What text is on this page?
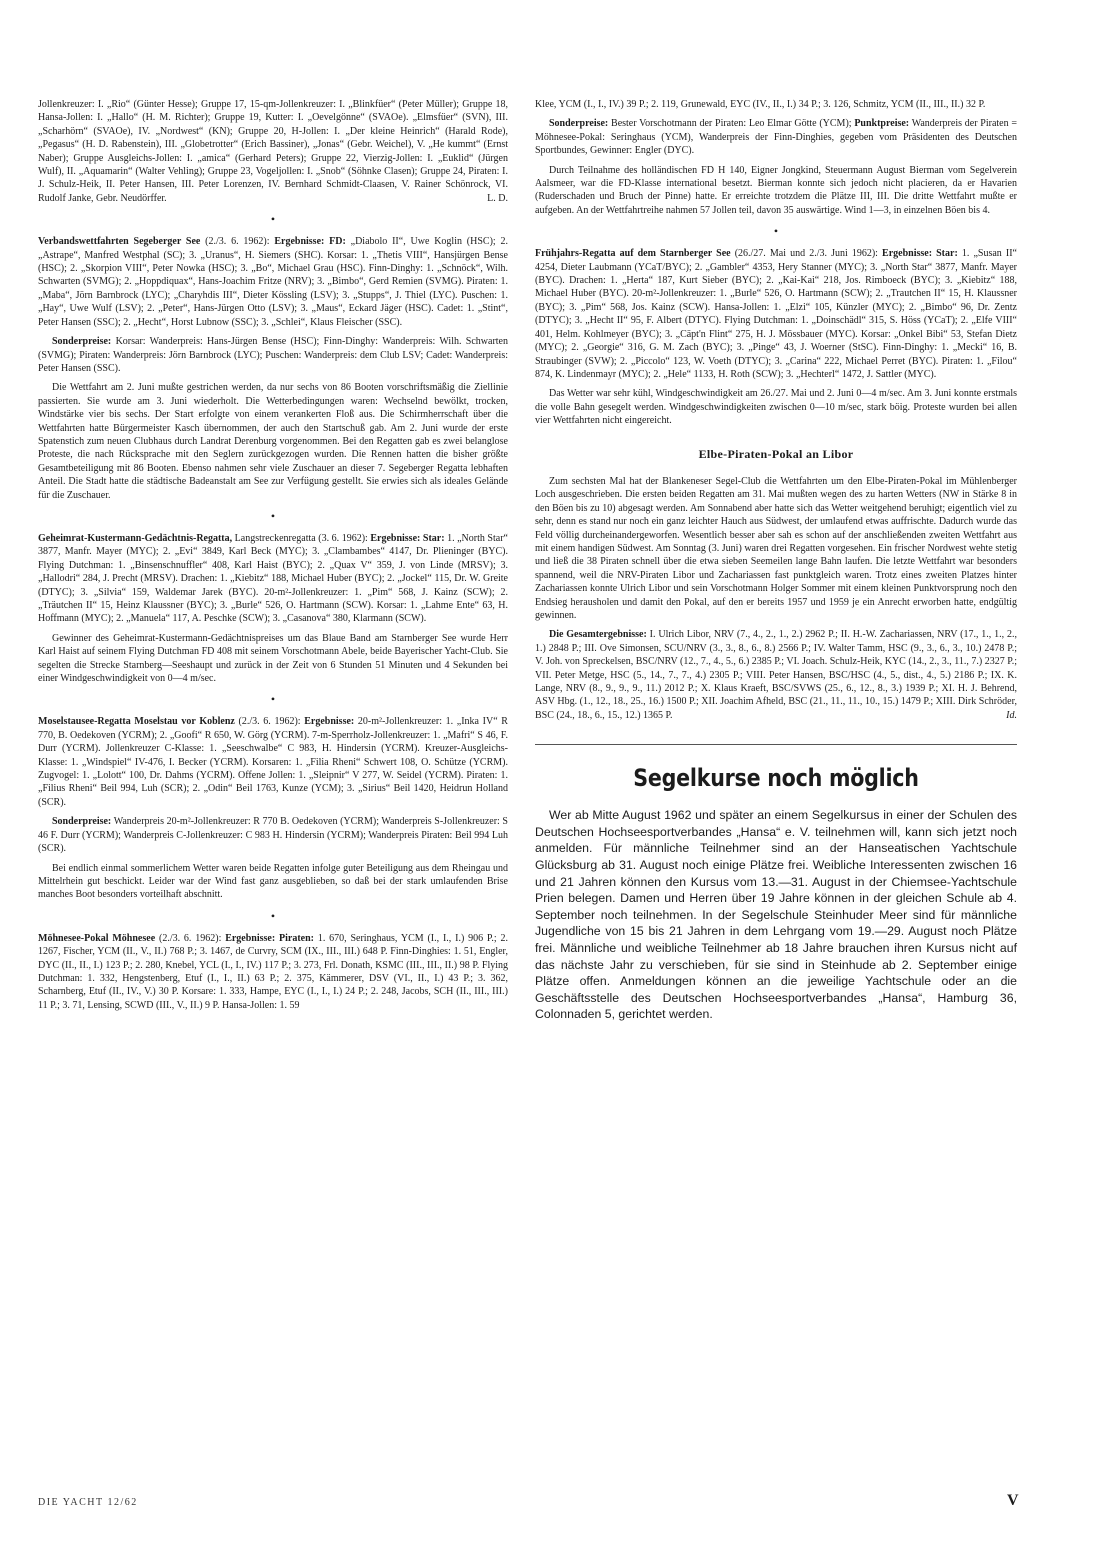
Jollenkreuzer: I. „Rio“ (Günter Hesse); Gruppe 17, 15-qm-Jollenkreuzer: I. „Blinkfüer“ (Peter Müller); Gruppe 18, Hansa-Jollen: I. „Hallo“ (H. M. Richter); Gruppe 19, Kutter: I. „Oevelgönne“ (SVAOe). „Elmsfüer“ (SVN), III. „Scharhörn“ (SVAOe), IV. „Nordwest“ (KN); Gruppe 20, H-Jollen: I. „Der kleine Heinrich“ (Harald Rode), „Pegasus“ (H. D. Rabenstein), III. „Globetrotter“ (Erich Bassiner), „Jonas“ (Gebr. Weichel), V. „He kummt“ (Ernst Naber); Gruppe Ausgleichs-Jollen: I. „amica“ (Gerhard Peters); Gruppe 22, Vierzig-Jollen: I. „Euklid“ (Jürgen Wulf), II. „Aquamarin“ (Walter Vehling); Gruppe 23, Vogeljollen: I. „Snob“ (Söhnke Clasen); Gruppe 24, Piraten: I. J. Schulz-Heik, II. Peter Hansen, III. Peter Lorenzen, IV. Bernhard Schmidt-Claasen, V. Rainer Schönrock, VI. Rudolf Janke, Gebr. Neudörffer.	L. D.

•

Verbandswettfahrten Segeberger See (2./3. 6. 1962): Ergebnisse: FD: „Diabolo II“, Uwe Koglin (HSC); 2. „Astrape“, Manfred Westphal (SC); 3. „Uranus“, H. Siemers (SHC). Korsar: 1. „Thetis VIII“, Hansjürgen Bense (HSC); 2. „Skorpion VIII“, Peter Nowka (HSC); 3. „Bo“, Michael Grau (HSC). Finn-Dinghy: 1. „Schnöck“, Wilh. Schwarten (SVMG); 2. „Hoppdiquax“, Hans-Joachim Fritze (NRV); 3. „Bimbo“, Gerd Remien (SVMG). Piraten: 1. „Maba“, Jörn Barnbrock (LYC); „Charyhdis III“, Dieter Kössling (LSV); 3. „Stupps“, J. Thiel (LYC). Puschen: 1. „Hay“, Uwe Wulf (LSV); 2. „Peter“, Hans-Jürgen Otto (LSV); 3. „Maus“, Eckard Jäger (HSC). Cadet: 1. „Stint“, Peter Hansen (SSC); 2. „Hecht“, Horst Lubnow (SSC); 3. „Schlei“, Klaus Fleischer (SSC).

Sonderpreise: Korsar: Wanderpreis: Hans-Jürgen Bense (HSC); Finn-Dinghy: Wanderpreis: Wilh. Schwarten (SVMG); Piraten: Wanderpreis: Jörn Barnbrock (LYC); Puschen: Wanderpreis: dem Club LSV; Cadet: Wanderpreis: Peter Hansen (SSC).

Die Wettfahrt am 2. Juni mußte gestrichen werden, da nur sechs von 86 Booten vorschriftsmäßig die Ziellinie passierten. Sie wurde am 3. Juni wiederholt. Die Wetterbedingungen waren: Wechselnd bewölkt, trocken, Windstärke vier bis sechs. Der Start erfolgte von einem verankerten Floß aus. Die Schirmherrschaft über die Wettfahrten hatte Bürgermeister Kasch übernommen, der auch den Startschuß gab. Am 2. Juni wurde der erste Spatenstich zum neuen Clubhaus durch Landrat Derenburg vorgenommen. Bei den Regatten gab es zwei belanglose Proteste, die nach Rücksprache mit den Seglern zurückgezogen wurden. Die Rennen hatten die bisher größte Gesamtbeteiligung mit 86 Booten. Ebenso nahmen sehr viele Zuschauer an dieser 7. Segeberger Regatta lebhaften Anteil. Die Stadt hatte die städtische Badeanstalt am See zur Verfügung gestellt. Sie erwies sich als ideales Gelände für die Zuschauer.

•

Geheimrat-Kustermann-Gedächtnis-Regatta, Langstreckenregatta (3. 6. 1962): Ergebnisse: Star: 1. „North Star“ 3877, Manfr. Mayer (MYC); 2. „Evi“ 3849, Karl Beck (MYC); 3. „Clambambes“ 4147, Dr. Plieninger (BYC). Flying Dutchman: 1. „Binsenschnuffler“ 408, Karl Haist (BYC); 2. „Quax V“ 359, J. von Linde (MRSV); 3. „Hallodri“ 284, J. Precht (MRSV). Drachen: 1. „Kiebitz“ 188, Michael Huber (BYC); 2. „Jockel“ 115, Dr. W. Greite (DTYC); 3. „Silvia“ 159, Waldemar Jarek (BYC). 20-m²-Jollenkreuzer: 1. „Pim“ 568, J. Kainz (SCW); 2. „Träutchen II“ 15, Heinz Klaussner (BYC); 3. „Burle“ 526, O. Hartmann (SCW). Korsar: 1. „Lahme Ente“ 63, H. Hoffmann (MYC); 2. „Manuela“ 117, A. Peschke (SCW); 3. „Casanova“ 380, Klarmann (SCW).

Gewinner des Geheimrat-Kustermann-Gedächtnispreises um das Blaue Band am Starnberger See wurde Herr Karl Haist auf seinem Flying Dutchman FD 408 mit seinem Vorschotmann Abele, beide Bayerischer Yacht-Club. Sie segelten die Strecke Starnberg—Seeshaupt und zurück in der Zeit von 6 Stunden 51 Minuten und 4 Sekunden bei einer Windgeschwindigkeit von 0—4 m/sec.

•

Moselstausee-Regatta Moselstau vor Koblenz (2./3. 6. 1962): Ergebnisse: 20-m²-Jollenkreuzer: 1. „Inka IV“ R 770, B. Oedekoven (YCRM); 2. „Goofi“ R 650, W. Görg (YCRM). 7-m-Sperrholz-Jollenkreuzer: 1. „Mafri“ S 46, F. Durr (YCRM). Jollenkreuzer C-Klasse: 1. „Seeschwalbe“ C 983, H. Hindersin (YCRM). Kreuzer-Ausgleichs-Klasse: 1. „Windspiel“ IV-476, I. Becker (YCRM). Korsaren: 1. „Filia Rheni“ Schwert 108, O. Schütze (YCRM). Zugvogel: 1. „Lolott“ 100, Dr. Dahms (YCRM). Offene Jollen: 1. „Sleipnir“ V 277, W. Seidel (YCRM). Piraten: 1. „Filius Rheni“ Beil 994, Luh (SCR); 2. „Odin“ Beil 1763, Kunze (YCM); 3. „Sirius“ Beil 1420, Heidrun Holland (SCR).

Sonderpreise: Wanderpreis 20-m²-Jollenkreuzer: R 770 B. Oedekoven (YCRM); Wanderpreis S-Jollenkreuzer: S 46 F. Durr (YCRM); Wanderpreis C-Jollenkreuzer: C 983 H. Hindersin (YCRM); Wanderpreis Piraten: Beil 994 Luh (SCR).

Bei endlich einmal sommerlichem Wetter waren beide Regatten infolge guter Beteiligung aus dem Rheingau und Mittelrhein gut beschickt. Leider war der Wind fast ganz ausgeblieben, so daß bei der stark umlaufenden Brise manches Boot besonders vorteilhaft abschnitt.

•

Möhnesee-Pokal Möhnesee (2./3. 6. 1962): Ergebnisse: Piraten: 1. 670, Seringhaus, YCM (I., I., I.) 906 P.; 2. 1267, Fischer, YCM (II., V., II.) 768 P.; 3. 1467, de Curvry, SCM (IX., III., III.) 648 P. Finn-Dinghies: 1. 51, Engler, DYC (II., II., I.) 123 P.; 2. 280, Knebel, YCL (I., I., IV.) 117 P.; 3. 273, Frl. Donath, KSMC (III., III., II.) 98 P. Flying Dutchman: 1. 332, Hengstenberg, Etuf (I., I., II.) 63 P.; 2. 375, Kämmerer, DSV (VI., II., I.) 43 P.; 3. 362, Scharnberg, Etuf (II., IV., V.) 30 P. Korsare: 1. 333, Hampe, EYC (I., I., I.) 24 P.; 2. 248, Jacobs, SCH (II., III., III.) 11 P.; 3. 71, Lensing, SCWD (III., V., II.) 9 P. Hansa-Jollen: 1. 59

Klee, YCM (I., I., IV.) 39 P.; 2. 119, Grunewald, EYC (IV., II., I.) 34 P.; 3. 126, Schmitz, YCM (II., III., II.) 32 P.

Sonderpreise: Bester Vorschotmann der Piraten: Leo Elmar Götte (YCM); Punktpreise: Wanderpreis der Piraten = Möhnesee-Pokal: Seringhaus (YCM), Wanderpreis der Finn-Dinghies, gegeben vom Präsidenten des Deutschen Sportbundes, Gewinner: Engler (DYC).

Durch Teilnahme des holländischen FD H 140, Eigner Jongkind, Steuermann August Bierman vom Segelverein Aalsmeer, war die FD-Klasse international besetzt. Bierman konnte sich jedoch nicht placieren, da er Havarien (Ruderschaden und Bruch der Pinne) hatte. Er erreichte trotzdem die Plätze III, III. Die dritte Wettfahrt mußte er aufgeben. An der Wettfahrtreihe nahmen 57 Jollen teil, davon 35 auswärtige. Wind 1—3, in einzelnen Böen bis 4.

•

Frühjahrs-Regatta auf dem Starnberger See (26./27. Mai und 2./3. Juni 1962): Ergebnisse: Star: 1. „Susan II“ 4254, Dieter Laubmann (YCaT/BYC); 2. „Gambler“ 4353, Hery Stanner (MYC); 3. „North Star“ 3877, Manfr. Mayer (BYC). Drachen: 1. „Herta“ 187, Kurt Sieber (BYC); 2. „Kai-Kai“ 218, Jos. Rimboeck (BYC); 3. „Kiebitz“ 188, Michael Huber (BYC). 20-m²-Jollenkreuzer: 1. „Burle“ 526, O. Hartmann (SCW); 2. „Trautchen II“ 15, H. Klaussner (BYC); 3. „Pim“ 568, Jos. Kainz (SCW). Hansa-Jollen: 1. „Elzi“ 105, Künzler (MYC); 2. „Bimbo“ 96, Dr. Zentz (DTYC); 3. „Hecht II“ 95, F. Albert (DTYC). Flying Dutchman: 1. „Doinschädl“ 315, S. Höss (YCaT); 2. „Elfe VIII“ 401, Helm. Kohlmeyer (BYC); 3. „Cäpt'n Flint“ 275, H. J. Mössbauer (MYC). Korsar: „Onkel Bibi“ 53, Stefan Dietz (MYC); 2. „Georgie“ 316, G. M. Zach (BYC); 3. „Pinge“ 43, J. Woerner (StSC). Finn-Dinghy: 1. „Mecki“ 16, B. Straubinger (SVW); 2. „Piccolo“ 123, W. Voeth (DTYC); 3. „Carina“ 222, Michael Perret (BYC). Piraten: 1. „Filou“ 874, K. Lindenmayr (MYC); 2. „Hele“ 1133, H. Roth (SCW); 3. „Hechterl“ 1472, J. Sattler (MYC).

Das Wetter war sehr kühl, Windgeschwindigkeit am 26./27. Mai und 2. Juni 0—4 m/sec. Am 3. Juni konnte erstmals die volle Bahn gesegelt werden. Windgeschwindigkeiten zwischen 0—10 m/sec, stark böig. Proteste wurden bei allen vier Wettfahrten nicht eingereicht.

Elbe-Piraten-Pokal an Libor

Zum sechsten Mal hat der Blankeneser Segel-Club die Wettfahrten um den Elbe-Piraten-Pokal im Mühlenberger Loch ausgeschrieben. Die ersten beiden Regatten am 31. Mai mußten wegen des zu harten Wetters (NW in Stärke 8 in den Böen bis zu 10) abgesagt werden. Am Sonnabend aber hatte sich das Wetter weitgehend beruhigt; eigentlich viel zu sehr, denn es stand nur noch ein ganz leichter Hauch aus Südwest, der umlaufend etwas auffrischte. Dadurch wurde das Feld völlig durcheinandergeworfen. Wesentlich besser aber sah es schon auf der anschließenden zweiten Wettfahrt aus mit einem handigen Südwest. Am Sonntag (3. Juni) waren drei Regatten vorgesehen. Ein frischer Nordwest wehte stetig und ließ die 38 Piraten schnell über die etwa sieben Seemeilen lange Bahn laufen. Die letzte Wettfahrt war besonders spannend, weil die NRV-Piraten Libor und Zachariassen fast punktgleich waren. Trotz eines zweiten Platzes hinter Zachariassen konnte Ulrich Libor und sein Vorschotmann Holger Sommer mit einem kleinen Punktvorsprung noch den Endsieg herausholen und damit den Pokal, auf den er bereits 1957 und 1959 je ein Anrecht erworben hatte, endgültig gewinnen.

Die Gesamtergebnisse: I. Ulrich Libor, NRV (7., 4., 2., 1., 2.) 2962 P.; II. H.-W. Zachariassen, NRV (17., 1., 1., 2., 1.) 2848 P.; III. Ove Simonsen, SCU/NRV (3., 3., 8., 6., 8.) 2566 P.; IV. Walter Tamm, HSC (9., 3., 6., 3., 10.) 2478 P.; V. Joh. von Spreckelsen, BSC/NRV (12., 7., 4., 5., 6.) 2385 P.; VI. Joach. Schulz-Heik, KYC (14., 2., 3., 11., 7.) 2327 P.; VII. Peter Metge, HSC (5., 14., 7., 7., 4.) 2305 P.; VIII. Peter Hansen, BSC/HSC (4., 5., dist., 4., 5.) 2186 P.; IX. K. Lange, NRV (8., 9., 9., 9., 11.) 2012 P.; X. Klaus Kraeft, BSC/SVWS (25., 6., 12., 8., 3.) 1939 P.; XI. H. J. Behrend, ASV Hbg. (1., 12., 18., 25., 16.) 1500 P.; XII. Joachim Afheld, BSC (21., 11., 11., 10., 15.) 1479 P.; XIII. Dirk Schröder, BSC (24., 18., 6., 15., 12.) 1365 P.	Id.

Segelkurse noch möglich

Wer ab Mitte August 1962 und später an einem Segelkursus in einer der Schulen des Deutschen Hochseesportverbandes „Hansa“ e. V. teilnehmen will, kann sich jetzt noch anmelden. Für männliche Teilnehmer sind an der Hanseatischen Yachtschule Glücksburg ab 31. August noch einige Plätze frei. Weibliche Interessenten zwischen 16 und 21 Jahren können den Kursus vom 13.—31. August in der Chiemsee-Yachtschule Prien belegen. Damen und Herren über 19 Jahre können in der gleichen Schule ab 4. September noch teilnehmen. In der Segelschule Steinhuder Meer sind für männliche Jugendliche von 15 bis 21 Jahren in dem Lehrgang vom 19.—29. August noch Plätze frei. Männliche und weibliche Teilnehmer ab 18 Jahre brauchen ihren Kursus nicht auf das nächste Jahr zu verschieben, für sie sind in Steinhude ab 2. September einige Plätze offen. Anmeldungen können an die jeweilige Yachtschule oder an die Geschäftsstelle des Deutschen Hochseesportverbandes „Hansa“, Hamburg 36, Colonnaden 5, gerichtet werden.

DIE YACHT 12/62	V
